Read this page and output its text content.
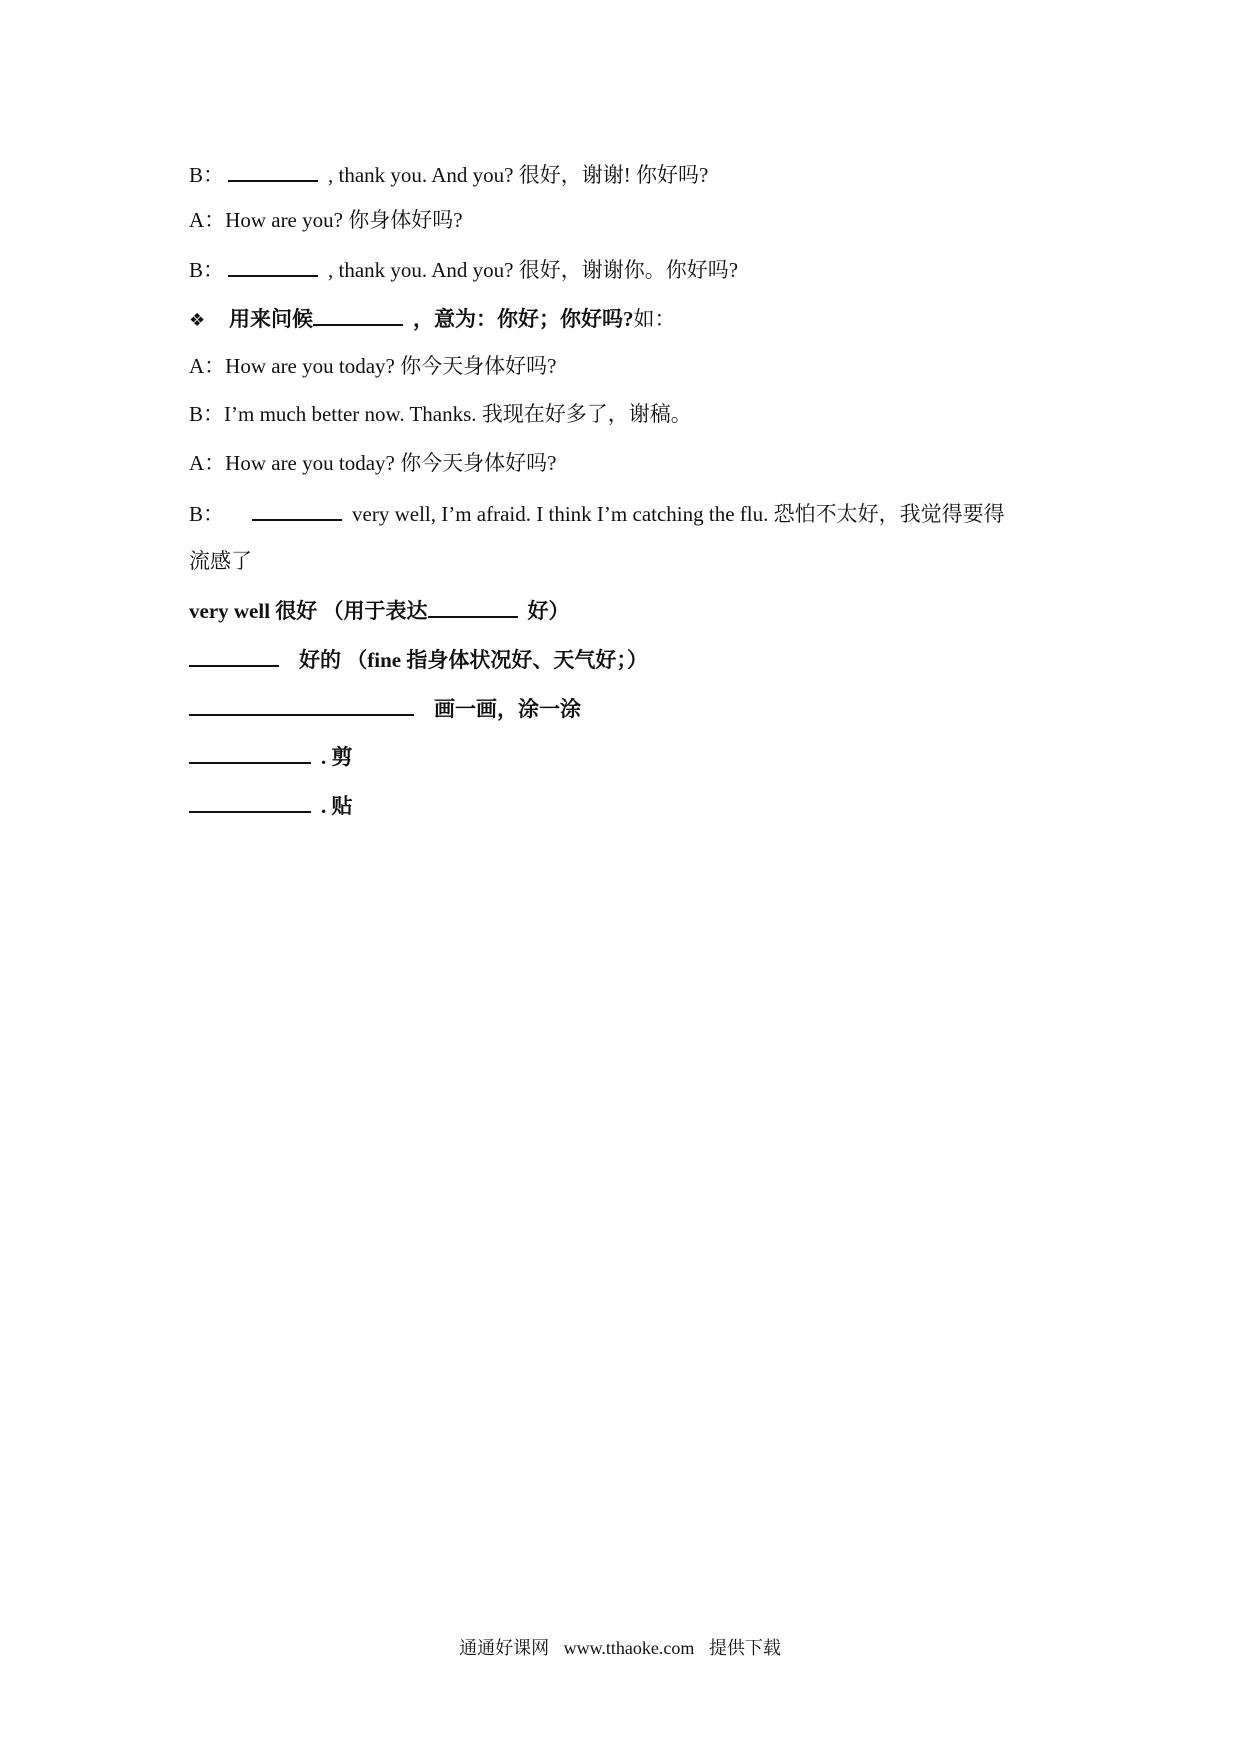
B：	, thank you. And you? 很好，谢谢! 你好吗?
A：How are you? 你身体好吗?
B：	, thank you. And you? 很好，谢谢你。你好吗?
❖ 用来问候	，意为：你好；你好吗?如：
A：How are you today? 你今天身体好吗?
B：I’m much better now. Thanks. 我现在好多了，谢稿。
A：How are you today? 你今天身体好吗?
B：	very well, I’m afraid. I think I’m catching the flu. 恐怕不太好，我觉得要得
流感了
very well 很好 （用于表达	好）
好的 （fine 指身体状况好、天气好；）
画一画，涂一涂
. 剪
. 贴
通通好课网 www.tthaoke.com 提供下载
